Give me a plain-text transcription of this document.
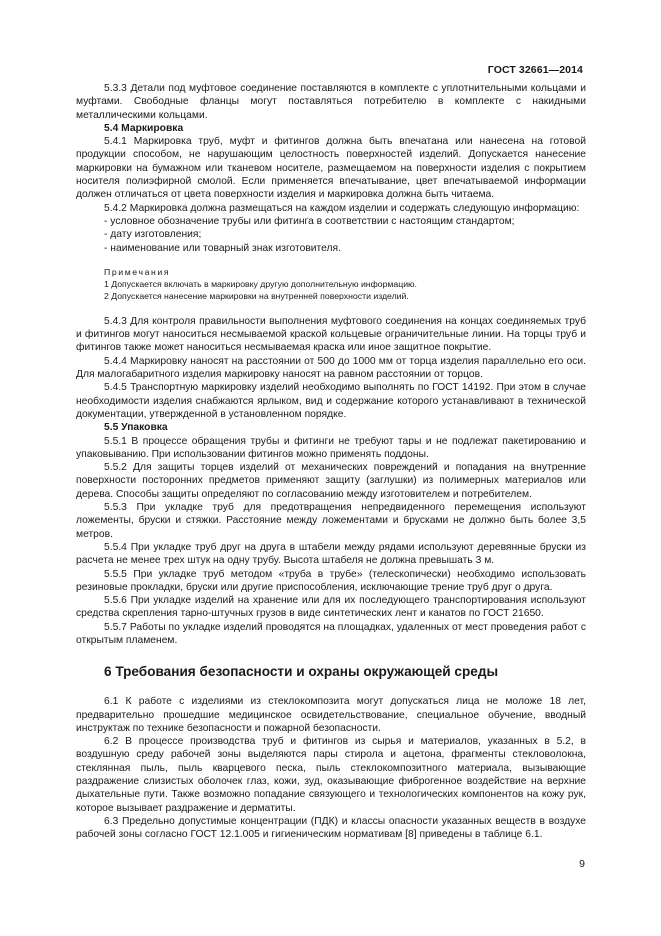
ГОСТ 32661—2014

5.3.3 Детали под муфтовое соединение поставляются в комплекте с уплотнительными кольцами и муфтами. Свободные фланцы могут поставляться потребителю в комплекте с накидными металлическими кольцами.

5.4 Маркировка

5.4.1 Маркировка труб, муфт и фитингов должна быть впечатана или нанесена на готовой продукции способом, не нарушающим целостность поверхностей изделий. Допускается нанесение маркировки на бумажном или тканевом носителе, размещаемом на поверхности изделия с покрытием носителя полиэфирной смолой. Если применяется впечатывание, цвет впечатываемой информации должен отличаться от цвета поверхности изделия и маркировка должна быть читаема.

5.4.2 Маркировка должна размещаться на каждом изделии и содержать следующую информацию:

- условное обозначение трубы или фитинга в соответствии с настоящим стандартом;

- дату изготовления;

- наименование или товарный знак изготовителя.

Примечания
1 Допускается включать в маркировку другую дополнительную информацию.
2 Допускается нанесение маркировки на внутренней поверхности изделий.

5.4.3 Для контроля правильности выполнения муфтового соединения на концах соединяемых труб и фитингов могут наноситься несмываемой краской кольцевые ограничительные линии. На торцы труб и фитингов также может наноситься несмываемая краска или иное защитное покрытие.

5.4.4 Маркировку наносят на расстоянии от 500 до 1000 мм от торца изделия параллельно его оси. Для малогабаритного изделия маркировку наносят на равном расстоянии от торцов.

5.4.5 Транспортную маркировку изделий необходимо выполнять по ГОСТ 14192. При этом в случае необходимости изделия снабжаются ярлыком, вид и содержание которого устанавливают в технической документации, утвержденной в установленном порядке.

5.5 Упаковка

5.5.1 В процессе обращения трубы и фитинги не требуют тары и не подлежат пакетированию и упаковыванию. При использовании фитингов можно применять поддоны.

5.5.2 Для защиты торцев изделий от механических повреждений и попадания на внутренние поверхности посторонних предметов применяют защиту (заглушки) из полимерных материалов или дерева. Способы защиты определяют по согласованию между изготовителем и потребителем.

5.5.3 При укладке труб для предотвращения непредвиденного перемещения используют ложементы, бруски и стяжки. Расстояние между ложементами и брусками не должно быть более 3,5 метров.

5.5.4 При укладке труб друг на друга в штабели между рядами используют деревянные бруски из расчета не менее трех штук на одну трубу. Высота штабеля не должна превышать 3 м.

5.5.5 При укладке труб методом «труба в трубе» (телескопически) необходимо использовать резиновые прокладки, бруски или другие приспособления, исключающие трение труб друг о друга.

5.5.6 При укладке изделий на хранение или для их последующего транспортирования используют средства скрепления тарно-штучных грузов в виде синтетических лент и канатов по ГОСТ 21650.

5.5.7 Работы по укладке изделий проводятся на площадках, удаленных от мест проведения работ с открытым пламенем.

6 Требования безопасности и охраны окружающей среды

6.1 К работе с изделиями из стеклокомпозита могут допускаться лица не моложе 18 лет, предварительно прошедшие медицинское освидетельствование, специальное обучение, вводный инструктаж по технике безопасности и пожарной безопасности.

6.2 В процессе производства труб и фитингов из сырья и материалов, указанных в 5.2, в воздушную среду рабочей зоны выделяются пары стирола и ацетона, фрагменты стекловолокна, стеклянная пыль, пыль кварцевого песка, пыль стеклокомпозитного материала, вызывающие раздражение слизистых оболочек глаз, кожи, зуд, оказывающие фиброгенное воздействие на верхние дыхательные пути. Также возможно попадание связующего и технологических компонентов на кожу рук, которое вызывает раздражение и дерматиты.

6.3 Предельно допустимые концентрации (ПДК) и классы опасности указанных веществ в воздухе рабочей зоны согласно ГОСТ 12.1.005 и гигиеническим нормативам [8] приведены в таблице 6.1.

9
